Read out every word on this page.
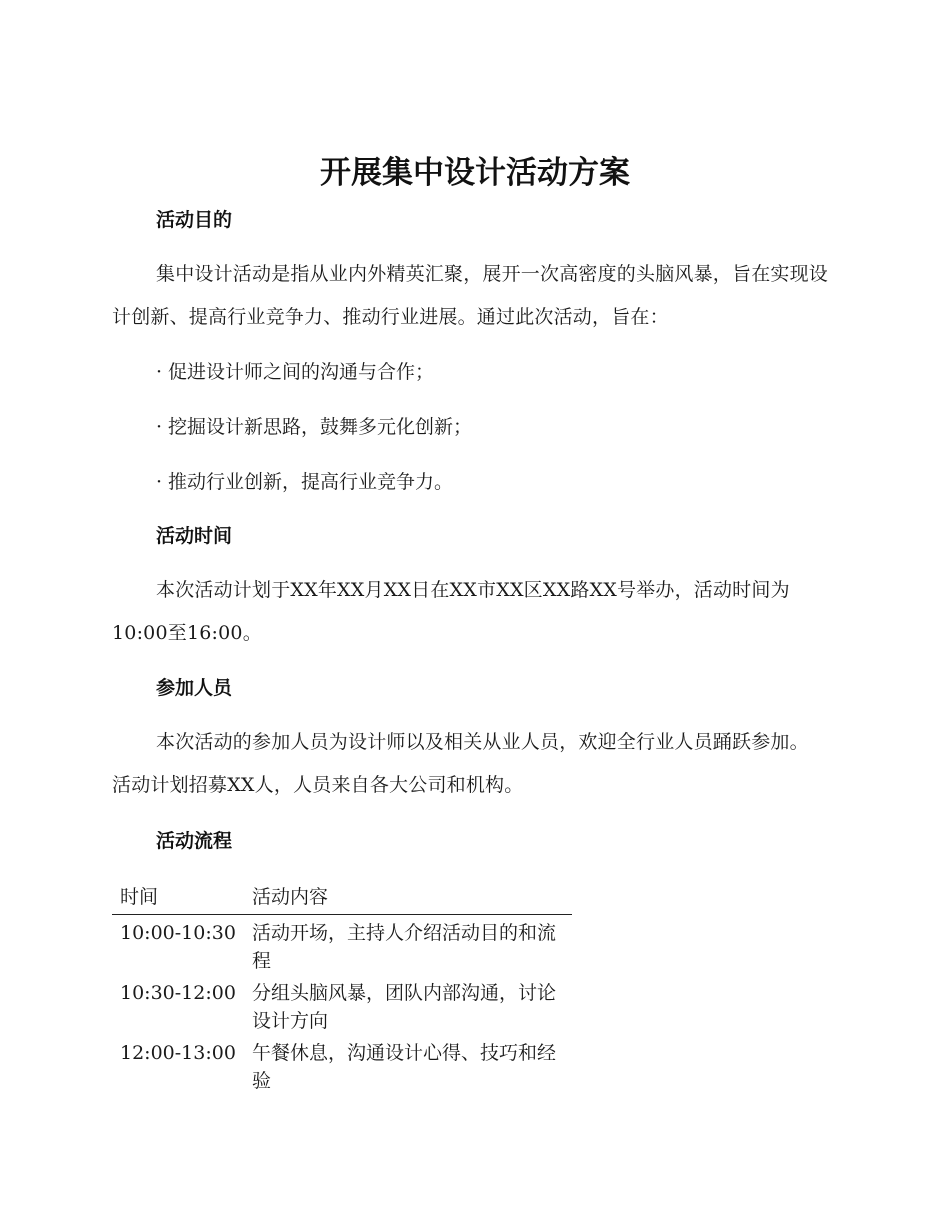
开展集中设计活动方案
活动目的

集中设计活动是指从业内外精英汇聚，展开一次高密度的头脑风暴，旨在实现设计创新、提高行业竞争力、推动行业进展。通过此次活动，旨在：

· 促进设计师之间的沟通与合作；

· 挖掘设计新思路，鼓舞多元化创新；

· 推动行业创新，提高行业竞争力。

活动时间

本次活动计划于XX年XX月XX日在XX市XX区XX路XX号举办，活动时间为10:00至16:00。

参加人员

本次活动的参加人员为设计师以及相关从业人员，欢迎全行业人员踊跃参加。 活动计划招募XX人，人员来自各大公司和机构。

活动流程
时间	活动内容
10:00-10:30	活动开场，主持人介绍活动目的和流程
10:30-12:00	分组头脑风暴，团队内部沟通，讨论设计方向
12:00-13:00	午餐休息，沟通设计心得、技巧和经验
